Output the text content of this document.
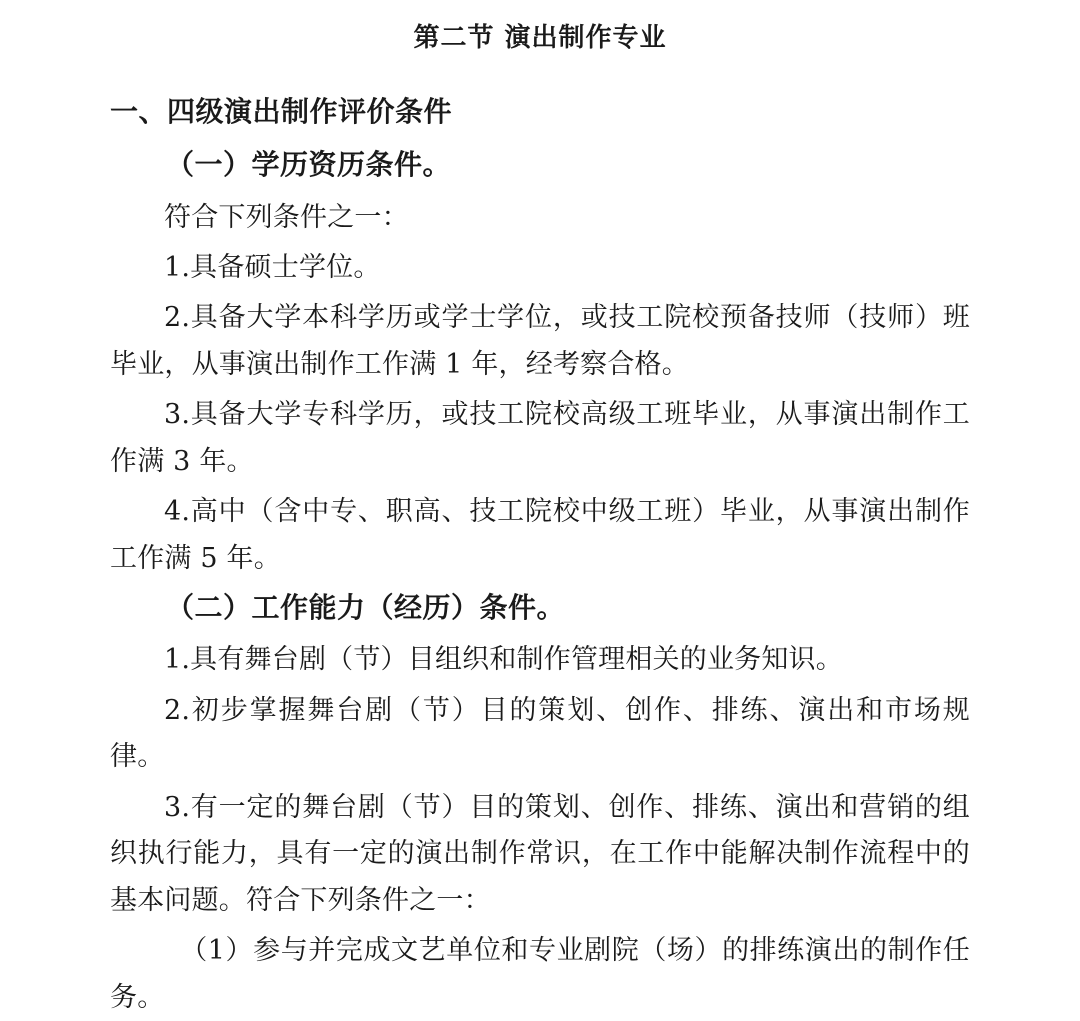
第二节 演出制作专业
一、四级演出制作评价条件
（一）学历资历条件。
符合下列条件之一：
1.具备硕士学位。
2.具备大学本科学历或学士学位，或技工院校预备技师（技师）班毕业，从事演出制作工作满 1 年，经考察合格。
3.具备大学专科学历，或技工院校高级工班毕业，从事演出制作工作满 3 年。
4.高中（含中专、职高、技工院校中级工班）毕业，从事演出制作工作满 5 年。
（二）工作能力（经历）条件。
1.具有舞台剧（节）目组织和制作管理相关的业务知识。
2.初步掌握舞台剧（节）目的策划、创作、排练、演出和市场规律。
3.有一定的舞台剧（节）目的策划、创作、排练、演出和营销的组织执行能力，具有一定的演出制作常识，在工作中能解决制作流程中的基本问题。符合下列条件之一：
（1）参与并完成文艺单位和专业剧院（场）的排练演出的制作任务。
